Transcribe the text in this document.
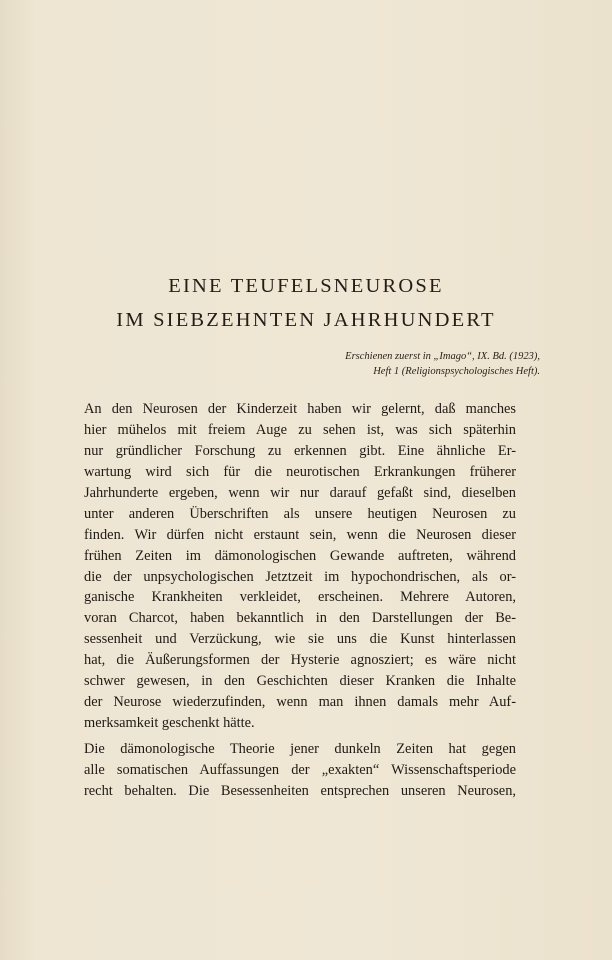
EINE TEUFELSNEUROSE
IM SIEBZEHNTEN JAHRHUNDERT
Erschienen zuerst in „Imago“, IX. Bd. (1923),
Heft 1 (Religionspsychologisches Heft).
An den Neurosen der Kinderzeit haben wir gelernt, daß manches
hier mühelos mit freiem Auge zu sehen ist, was sich späterhin
nur gründlicher Forschung zu erkennen gibt. Eine ähnliche Er-
wartung wird sich für die neurotischen Erkrankungen früherer
Jahrhunderte ergeben, wenn wir nur darauf gefaßt sind, dieselben
unter anderen Überschriften als unsere heutigen Neurosen zu
finden. Wir dürfen nicht erstaunt sein, wenn die Neurosen dieser
frühen Zeiten im dämonologischen Gewande auftreten, während
die der unpsychologischen Jetztzeit im hypochondrischen, als or-
ganische Krankheiten verkleidet, erscheinen. Mehrere Autoren,
voran Charcot, haben bekanntlich in den Darstellungen der Be-
sessenheit und Verzückung, wie sie uns die Kunst hinterlassen
hat, die Äußerungsformen der Hysterie agnosziert; es wäre nicht
schwer gewesen, in den Geschichten dieser Kranken die Inhalte
der Neurose wiederzufinden, wenn man ihnen damals mehr Auf-
merksamkeit geschenkt hätte.
Die dämonologische Theorie jener dunkeln Zeiten hat gegen
alle somatischen Auffassungen der „exakten“ Wissenschaftsperiode
recht behalten. Die Besessenheiten entsprechen unseren Neurosen,
